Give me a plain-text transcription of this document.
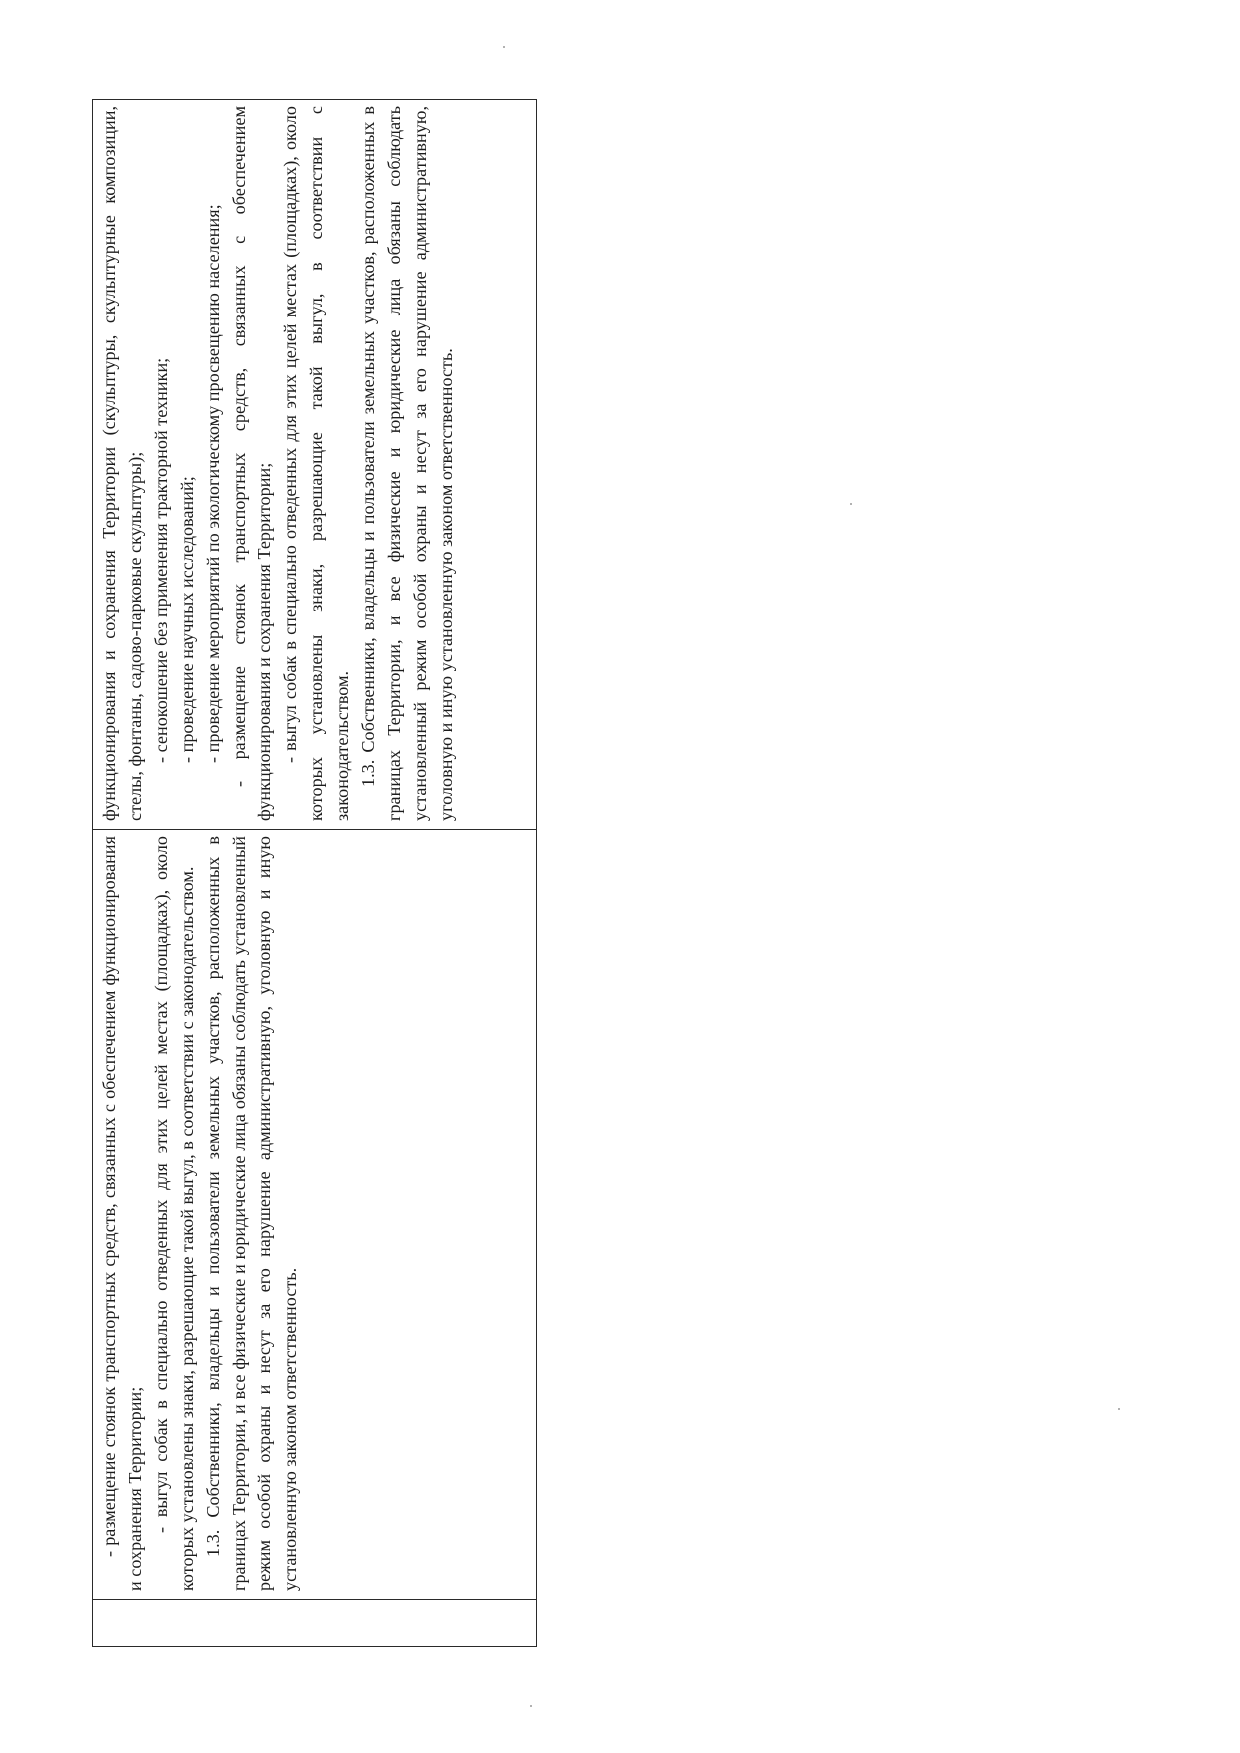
- размещение стоянок транспортных средств, связанных с обеспечением функционирования и сохранения Территории; - выгул собак в специально отведенных для этих целей местах (площадках), около которых установлены знаки, разрешающие такой выгул, в соответствии с законодательством. 1.3. Собственники, владельцы и пользователи земельных участков, расположенных в границах Территории, и все физические и юридические лица обязаны соблюдать установленный режим особой охраны и несут за его нарушение административную, уголовную и иную установленную законом ответственность.

функционирования и сохранения Территории (скульптуры, скульптурные композиции, стелы, фонтаны, садово-парковые скульптуры); - сенокошение без применения тракторной техники; - проведение научных исследований; - проведение мероприятий по экологическому просвещению населения; - размещение стоянок транспортных средств, связанных с обеспечением функционирования и сохранения Территории; - выгул собак в специально отведенных для этих целей местах (площадках), около которых установлены знаки, разрешающие такой выгул, в соответствии с законодательством. 1.3. Собственники, владельцы и пользователи земельных участков, расположенных в границах Территории, и все физические и юридические лица обязаны соблюдать установленный режим особой охраны и несут за его нарушение административную, уголовную и иную установленную законом ответственность.
